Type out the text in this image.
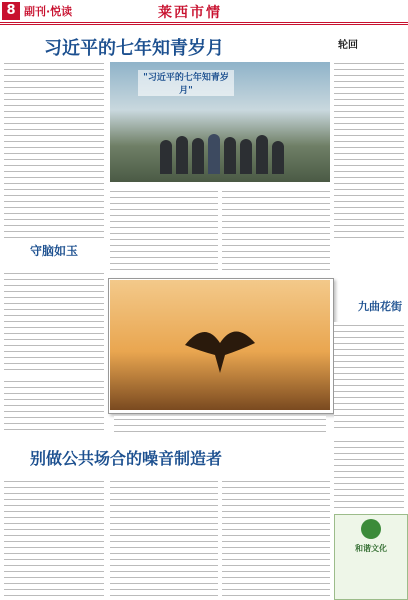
8 副刊·悦读	莱西市情
习近平的七年知青岁月
"习近平的七年知青岁月"
轮回
守脑如玉
九曲花街
别做公共场合的噪音制造者
和谐文化
